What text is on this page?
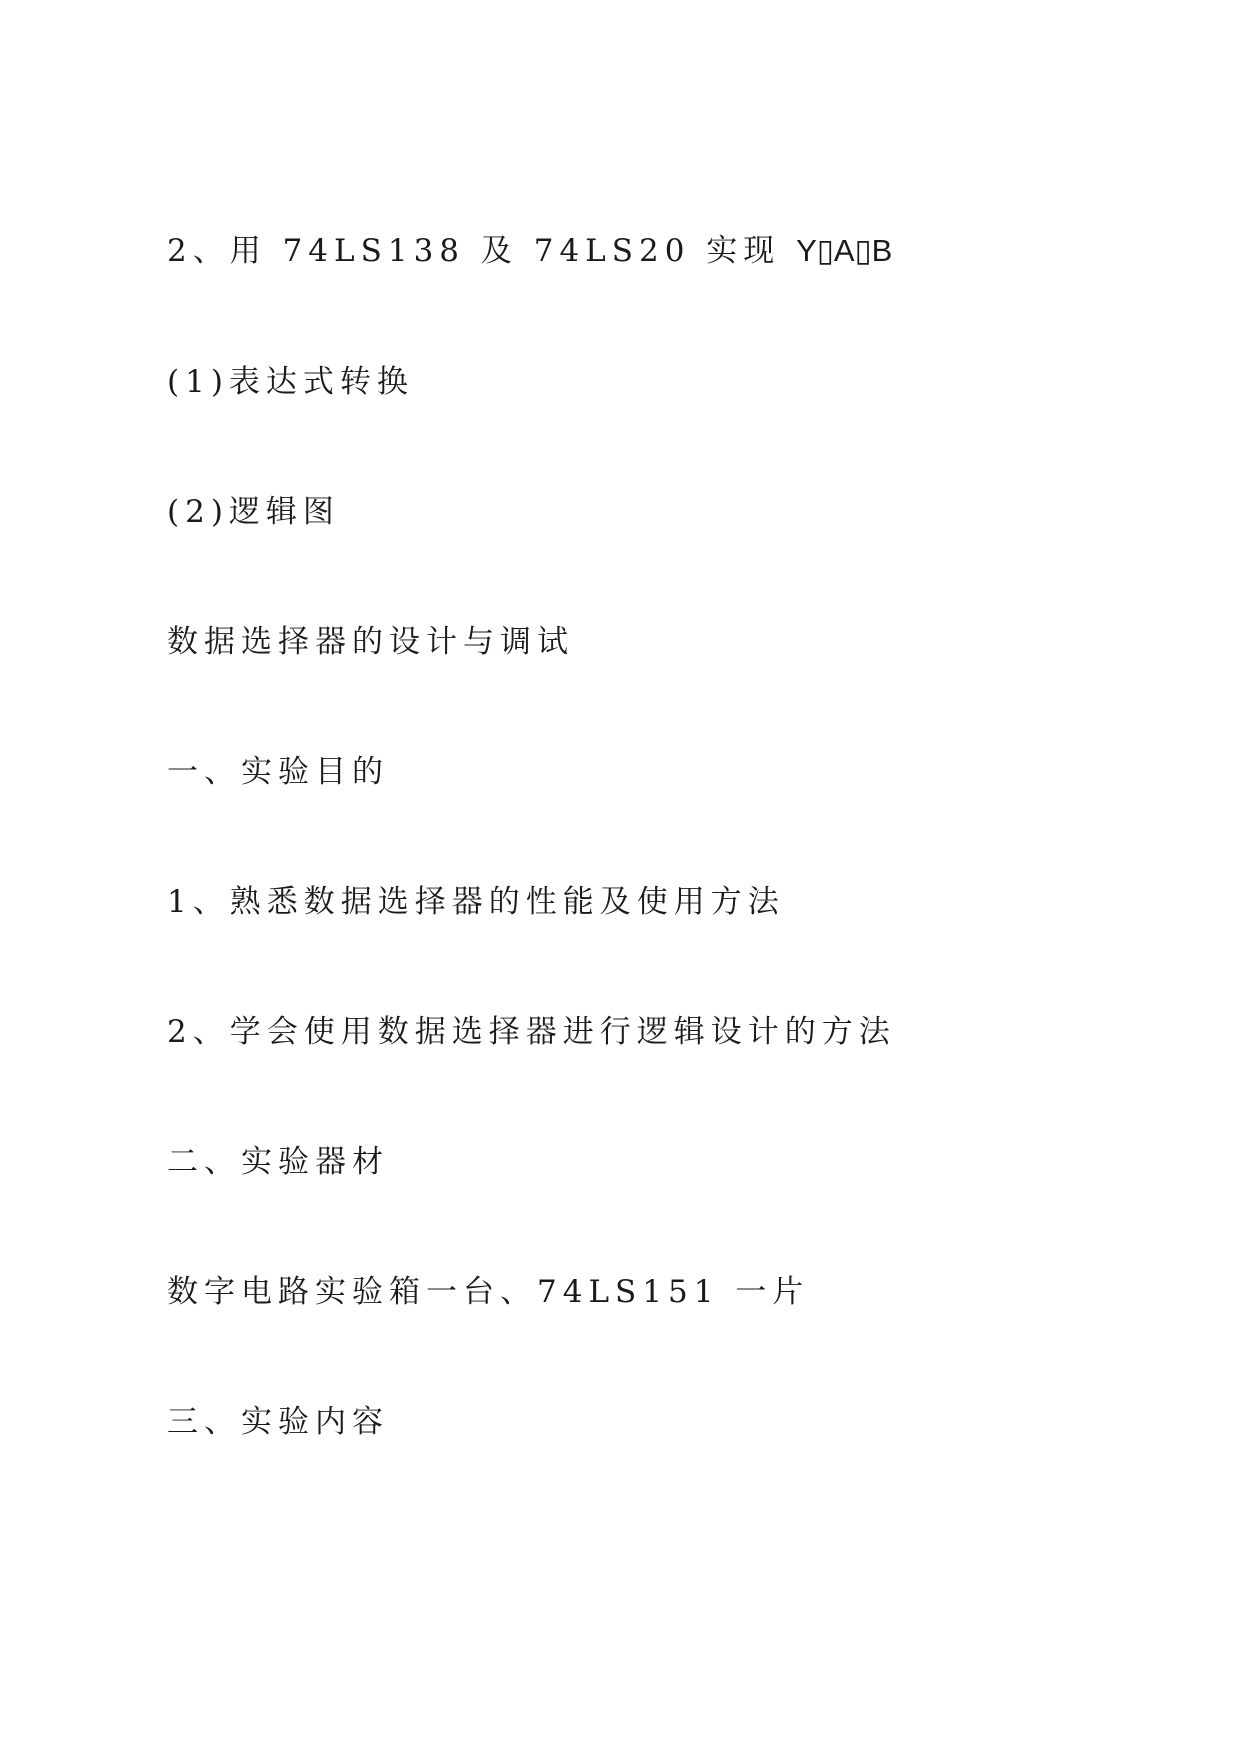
2、用 74LS138 及 74LS20 实现 Y▯A▯B
(1)表达式转换
(2)逻辑图
数据选择器的设计与调试
一、实验目的
1、熟悉数据选择器的性能及使用方法
2、学会使用数据选择器进行逻辑设计的方法
二、实验器材
数字电路实验箱一台、74LS151 一片
三、实验内容
